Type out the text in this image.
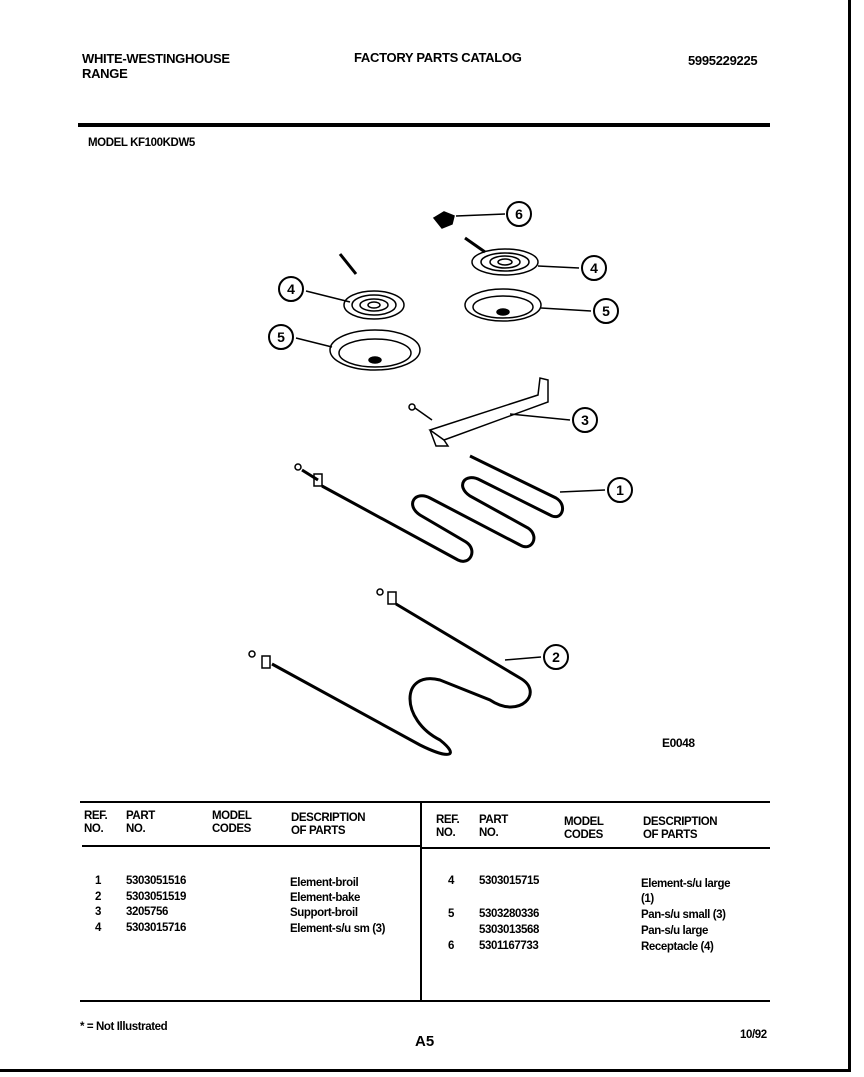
WHITE-WESTINGHOUSE
RANGE
FACTORY PARTS CATALOG	5995229225
MODEL KF100KDW5
6
4
5
4
5
3
1
2
E0048
REF.
NO.
PART
NO.
MODEL
CODES
DESCRIPTION
OF PARTS
REF.
NO.
PART
NO.
MODEL
CODES
DESCRIPTION
OF PARTS
1 5303051516	Element-broil
2 5303051519	Element-bake
3 3205756	Support-broil
4 5303015716	Element-s/u sm (3)
4 5303015715	Element-s/u large
(1)
5 5303280336	Pan-s/u small (3)
5303013568	Pan-s/u large
6 5301167733	Receptacle (4)
* = Not Illustrated
A5	10/92
